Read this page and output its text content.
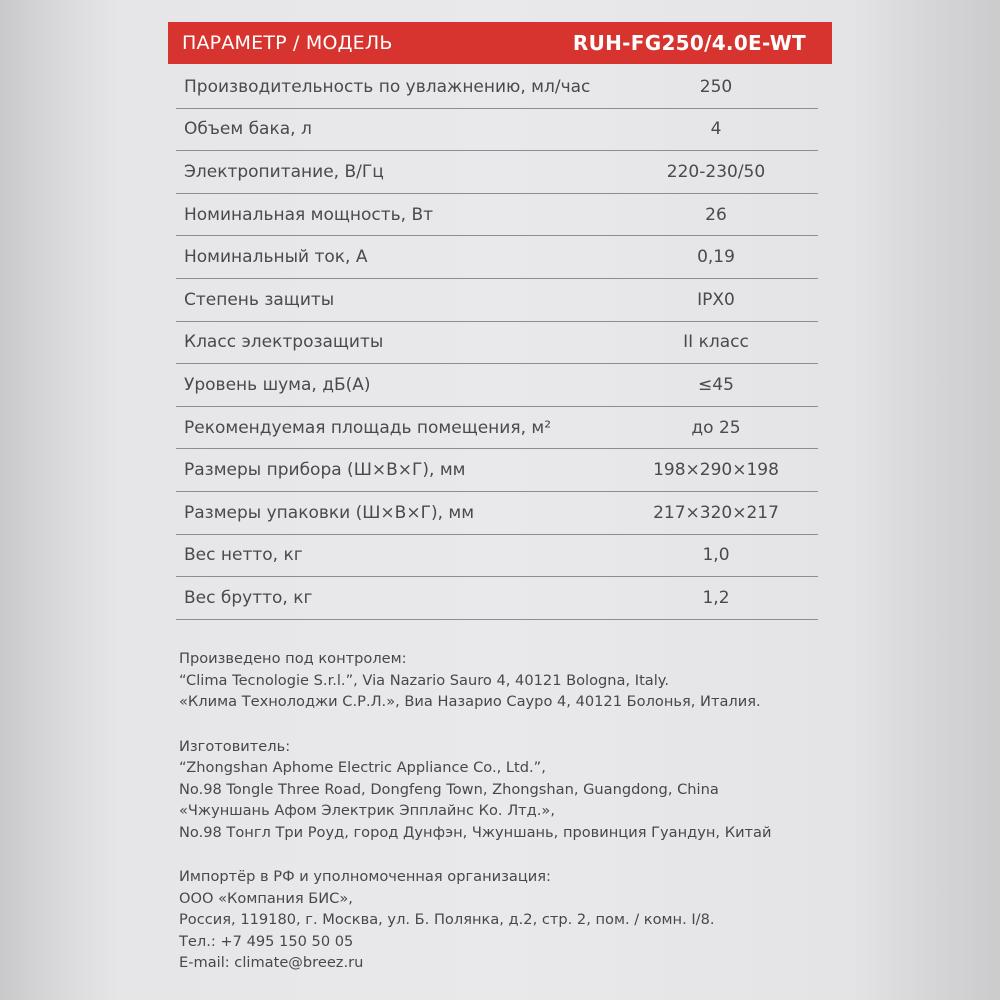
ПАРАМЕТР / МОДЕЛЬ	RUH-FG250/4.0E-WT
Производительность по увлажнению, мл/час	250
Объем бака, л	4
Электропитание, В/Гц	220-230/50
Номинальная мощность, Вт	26
Номинальный ток, А	0,19
Степень защиты	IPX0
Класс электрозащиты	II класс
Уровень шума, дБ(А)	≤45
Рекомендуемая площадь помещения, м²	до 25
Размеры прибора (Ш×В×Г), мм	198×290×198
Размеры упаковки (Ш×В×Г), мм	217×320×217
Вес нетто, кг	1,0
Вес брутто, кг	1,2
Произведено под контролем:
“Clima Tecnologie S.r.l.”, Via Nazario Sauro 4, 40121 Bologna, Italy.
«Клима Технолоджи С.Р.Л.», Виа Назарио Сауро 4, 40121 Болонья, Италия.
Изготовитель:
“Zhongshan Aphome Electric Appliance Co., Ltd.”,
No.98 Tongle Three Road, Dongfeng Town, Zhongshan, Guangdong, China
«Чжуншань Афом Электрик Эпплайнс Ко. Лтд.»,
No.98 Тонгл Три Роуд, город Дунфэн, Чжуншань, провинция Гуандун, Китай
Импортёр в РФ и уполномоченная организация:
ООО «Компания БИС»,
Россия, 119180, г. Москва, ул. Б. Полянка, д.2, стр. 2, пом. / комн. I/8.
Тел.: +7 495 150 50 05
E-mail: climate@breez.ru
